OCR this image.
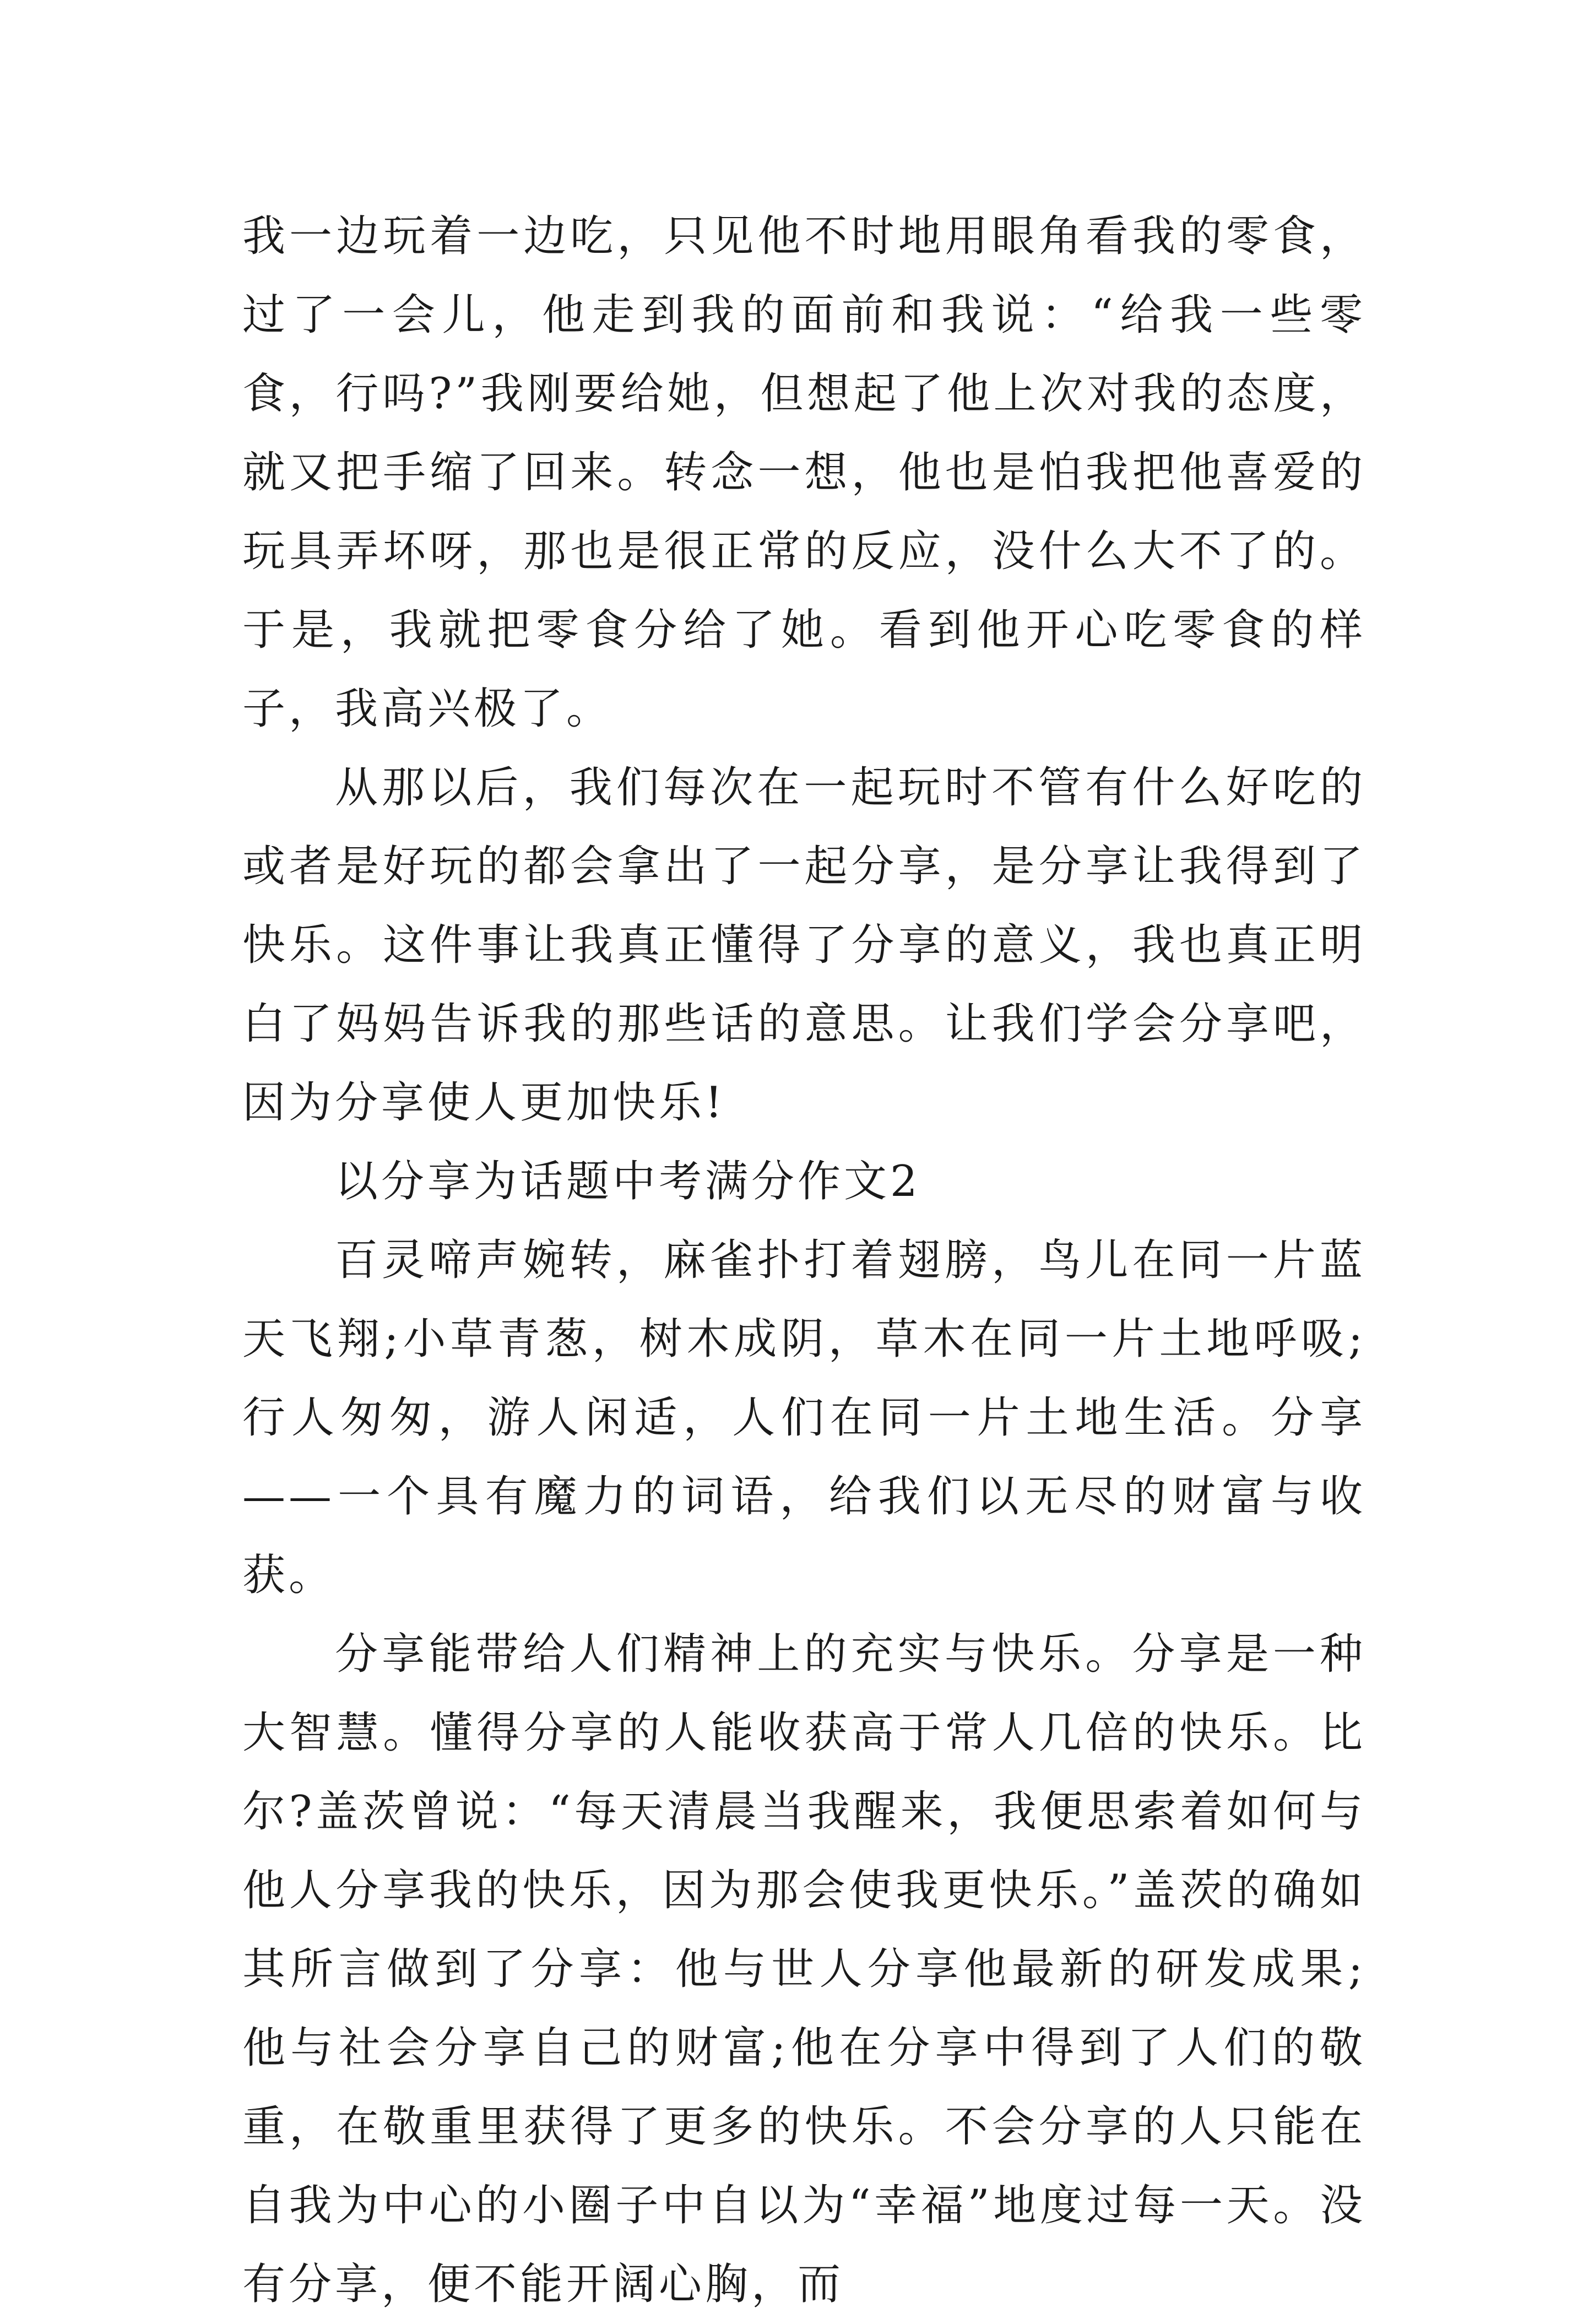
我一边玩着一边吃，只见他不时地用眼角看我的零食，过了一会儿，他走到我的面前和我说：“给我一些零食，行吗?”我刚要给她，但想起了他上次对我的态度，就又把手缩了回来。转念一想，他也是怕我把他喜爱的玩具弄坏呀，那也是很正常的反应，没什么大不了的。于是，我就把零食分给了她。看到他开心吃零食的样子，我高兴极了。

从那以后，我们每次在一起玩时不管有什么好吃的或者是好玩的都会拿出了一起分享，是分享让我得到了快乐。这件事让我真正懂得了分享的意义，我也真正明白了妈妈告诉我的那些话的意思。让我们学会分享吧，因为分享使人更加快乐!

以分享为话题中考满分作文2

百灵啼声婉转，麻雀扑打着翅膀，鸟儿在同一片蓝天飞翔;小草青葱，树木成阴，草木在同一片土地呼吸;行人匆匆，游人闲适，人们在同一片土地生活。分享——一个具有魔力的词语，给我们以无尽的财富与收获。

分享能带给人们精神上的充实与快乐。分享是一种大智慧。懂得分享的人能收获高于常人几倍的快乐。比尔?盖茨曾说：“每天清晨当我醒来，我便思索着如何与他人分享我的快乐，因为那会使我更快乐。”盖茨的确如其所言做到了分享：他与世人分享他最新的研发成果;他与社会分享自己的财富;他在分享中得到了人们的敬重，在敬重里获得了更多的快乐。不会分享的人只能在自我为中心的小圈子中自以为“幸福”地度过每一天。没有分享，便不能开阔心胸，而
